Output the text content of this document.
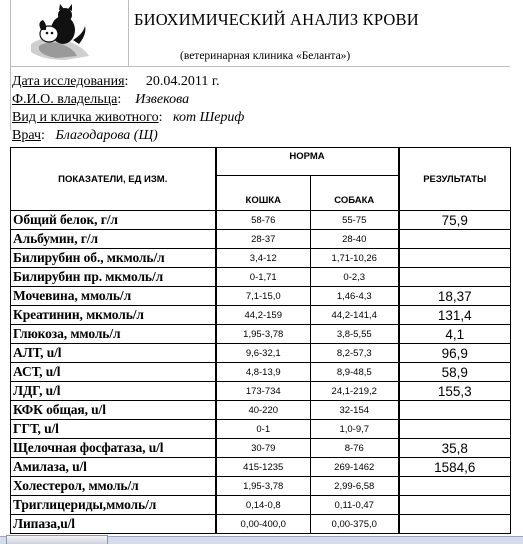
БИОХИМИЧЕСКИЙ АНАЛИЗ КРОВИ
(ветеринарная клиника «Беланта»)
Дата исследования: 20.04.2011 г.
Ф.И.О. владельца: Извекова
Вид и кличка животного: кот Шериф
Врач: Благодарова (Щ)
ПОКАЗАТЕЛИ, ЕД ИЗМ.	НОРМА		РЕЗУЛЬТАТЫ
	КОШКА	СОБАКА	
Общий белок, г/л	58-76	55-75	75,9
Альбумин, г/л	28-37	28-40	
Билирубин об., мкмоль/л	3,4-12	1,71-10,26	
Билирубин пр. мкмоль/л	0-1,71	0-2,3	
Мочевина, ммоль/л	7,1-15,0	1,46-4,3	18,37
Креатинин, мкмоль/л	44,2-159	44,2-141,4	131,4
Глюкоза, ммоль/л	1,95-3,78	3,8-5,55	4,1
АЛТ, u/l	9,6-32,1	8,2-57,3	96,9
АСТ, u/l	4,8-13,9	8,9-48,5	58,9
ЛДГ, u/l	173-734	24,1-219,2	155,3
КФК общая, u/l	40-220	32-154	
ГГТ, u/l	0-1	1,0-9,7	
Щелочная фосфатаза, u/l	30-79	8-76	35,8
Амилаза, u/l	415-1235	269-1462	1584,6
Холестерол, ммоль/л	1,95-3,78	2,99-6,58	
Триглицериды,ммоль/л	0,14-0,8	0,11-0,47	
Липаза,u/l	0,00-400,0	0,00-375,0	
